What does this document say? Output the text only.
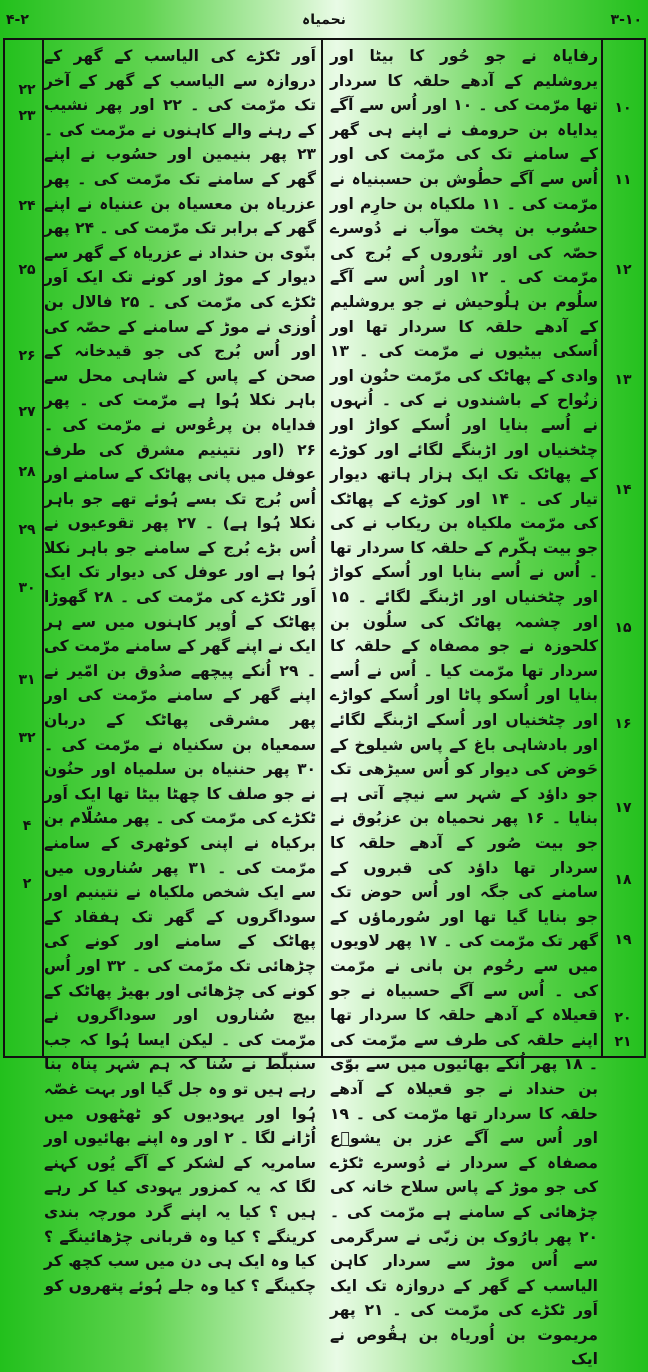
۴-۲	نحمیاہ	۳-۱۰
رفایاہ نے جو حُور کا بیٹا اور یروشلیم کے آدھے حلقہ کا سردار تھا مرّمت کی ۔ ۱۰ اور اُس سے آگے یدایاہ بن حرومف نے اپنے ہی گھر کے سامنے تک کی مرّمت کی اور اُس سے آگے حطُوش بن حسبنیاہ نے مرّمت کی ۔ ۱۱ ملکیاہ بن حارِم اور حسُوب بن پخت موآب نے دُوسرے حصّہ کی اور تنُوروں کے بُرج کی مرّمت کی ۔ ۱۲ اور اُس سے آگے سلُوم بن ہلُوحیش نے جو یروشلیم کے آدھے حلقہ کا سردار تھا اور اُسکی بیٹیوں نے مرّمت کی ۔ ۱۳ وادی کے پھاٹک کی مرّمت حنُون اور زنُواح کے باشندوں نے کی ۔ اُنہوں نے اُسے بنایا اور اُسکے کواڑ اور چٹخنیاں اور اڑبنگے لگائے اور کوڑے کے پھاٹک تک ایک ہزار ہاتھ دیوار تیار کی ۔ ۱۴ اور کوڑے کے پھاٹک کی مرّمت ملکیاہ بن ریکاب نے کی جو بیت ہکّرم کے حلقہ کا سردار تھا ۔ اُس نے اُسے بنایا اور اُسکے کواڑ اور چٹخنیاں اور اڑبنگے لگائے ۔ ۱۵ اور چشمہ پھاٹک کی سلُون بن کلحوزہ نے جو مصفاہ کے حلقہ کا سردار تھا مرّمت کیا ۔ اُس نے اُسے بنایا اور اُسکو پاٹا اور اُسکے کواڑے اور چٹخنیاں اور اُسکے اڑبنگے لگائے اور بادشاہی باغ کے پاس شیلوخ کے حَوض کی دیوار کو اُس سیڑھی تک جو داؤد کے شہر سے نیچے آتی ہے بنایا ۔ ۱۶ پھر نحمیاہ بن عزبُوق نے جو بیت صُور کے آدھے حلقہ کا سردار تھا داؤد کی قبروں کے سامنے کی جگہ اور اُس حوض تک جو بنایا گیا تھا اور سُورماؤں کے گھر تک مرّمت کی ۔ ۱۷ پھر لاویوں میں سے رحُوم بن بانی نے مرّمت کی ۔ اُس سے آگے حسبیاہ نے جو قعیلاہ کے آدھے حلقہ کا سردار تھا اپنے حلقہ کی طرف سے مرّمت کی ۔ ۱۸ پھر اُنکے بھائیوں میں سے بوّی بن حنداد نے جو قعیلاہ کے آدھے حلقہ کا سردار تھا مرّمت کی ۔ ۱۹ اور اُس سے آگے عزر بن یشوؔع مصفاہ کے سردار نے دُوسرے ٹکڑے کی جو موڑ کے پاس سلاح خانہ کی چڑھائی کے سامنے ہے مرّمت کی ۔ ۲۰ پھر بارُوک بن زبّی نے سرگرمی سے اُس موڑ سے سردار کاہن الیاسب کے گھر کے دروازہ تک ایک اَور ٹکڑے کی مرّمت کی ۔ ۲۱ پھر مریموت بن اُوریاہ بن ہقُوص نے ایک
اَور ٹکڑے کی الیاسب کے گھر کے دروازہ سے الیاسب کے گھر کے آخر تک مرّمت کی ۔ ۲۲ اور پھر نشیب کے رہنے والے کاہنوں نے مرّمت کی ۔ ۲۳ پھر بنیمین اور حسُوب نے اپنے گھر کے سامنے تک مرّمت کی ۔ پھر عزریاہ بن معسیاہ بن عننیاہ نے اپنے گھر کے برابر تک مرّمت کی ۔ ۲۴ پھر بنّوی بن حنداد نے عزریاہ کے گھر سے دیوار کے موڑ اور کونے تک ایک اَور ٹکڑے کی مرّمت کی ۔ ۲۵ فالال بن اُوزی نے موڑ کے سامنے کے حصّہ کی اور اُس بُرج کی جو قیدخانہ کے صحن کے پاس کے شاہی محل سے باہر نکلا ہُوا ہے مرّمت کی ۔ پھر فدایاہ بن پرعُوس نے مرّمت کی ۔ ۲۶ (اور نتینیم مشرق کی طرف عوفل میں پانی پھاٹک کے سامنے اور اُس بُرج تک بسے ہُوئے تھے جو باہر نکلا ہُوا ہے) ۔ ۲۷ پھر تقوعیوں نے اُس بڑے بُرج کے سامنے جو باہر نکلا ہُوا ہے اور عوفل کی دیوار تک ایک اَور ٹکڑے کی مرّمت کی ۔ ۲۸ گھوڑا پھاٹک کے اُوپر کاہنوں میں سے ہر ایک نے اپنے گھر کے سامنے مرّمت کی ۔ ۲۹ اُنکے پیچھے صدُوق بن امّیر نے اپنے گھر کے سامنے مرّمت کی اور پھر مشرقی پھاٹک کے دربان سمعیاہ بن سکنیاہ نے مرّمت کی ۔ ۳۰ پھر حننیاہ بن سلمیاہ اور حنُون نے جو صلف کا چھٹا بیٹا تھا ایک اَور ٹکڑے کی مرّمت کی ۔ پھر مسُلّام بن برکیاہ نے اپنی کوٹھری کے سامنے مرّمت کی ۔ ۳۱ پھر سُناروں میں سے ایک شخص ملکیاہ نے نتینیم اور سوداگروں کے گھر تک ہفقاد کے پھاٹک کے سامنے اور کونے کی چڑھائی تک مرّمت کی ۔ ۳۲ اور اُس کونے کی چڑھائی اور بھیڑ پھاٹک کے بیچ سُناروں اور سوداگروں نے مرّمت کی ۔ لیکن ایسا ہُوا کہ جب سنبلّط نے سُنا کہ ہم شہر پناہ بنا رہے ہیں تو وہ جل گیا اور بہت غصّہ ہُوا اور یہودیوں کو ٹھٹھوں میں اُڑانے لگا ۔ ۲ اور وہ اپنے بھائیوں اور سامریہ کے لشکر کے آگے یُوں کہنے لگا کہ یہ کمزور یہودی کیا کر رہے ہیں ؟ کیا یہ اپنے گرد مورچہ بندی کرینگے ؟ کیا وہ قربانی چڑھائینگے ؟ کیا وہ ایک ہی دن میں سب کچھ کر چکینگے ؟ کیا وہ جلے ہُوئے پتھروں کو
۲۲
۲۳
۲۴
۲۵
۲۶
۲۷
۲۸
۲۹
۳۰
۳۱
۳۲
۴
۲
۱۰
۱۱
۱۲
۱۳
۱۴
۱۵
۱۶
۱۷
۱۸
۱۹
۲۰
۲۱
